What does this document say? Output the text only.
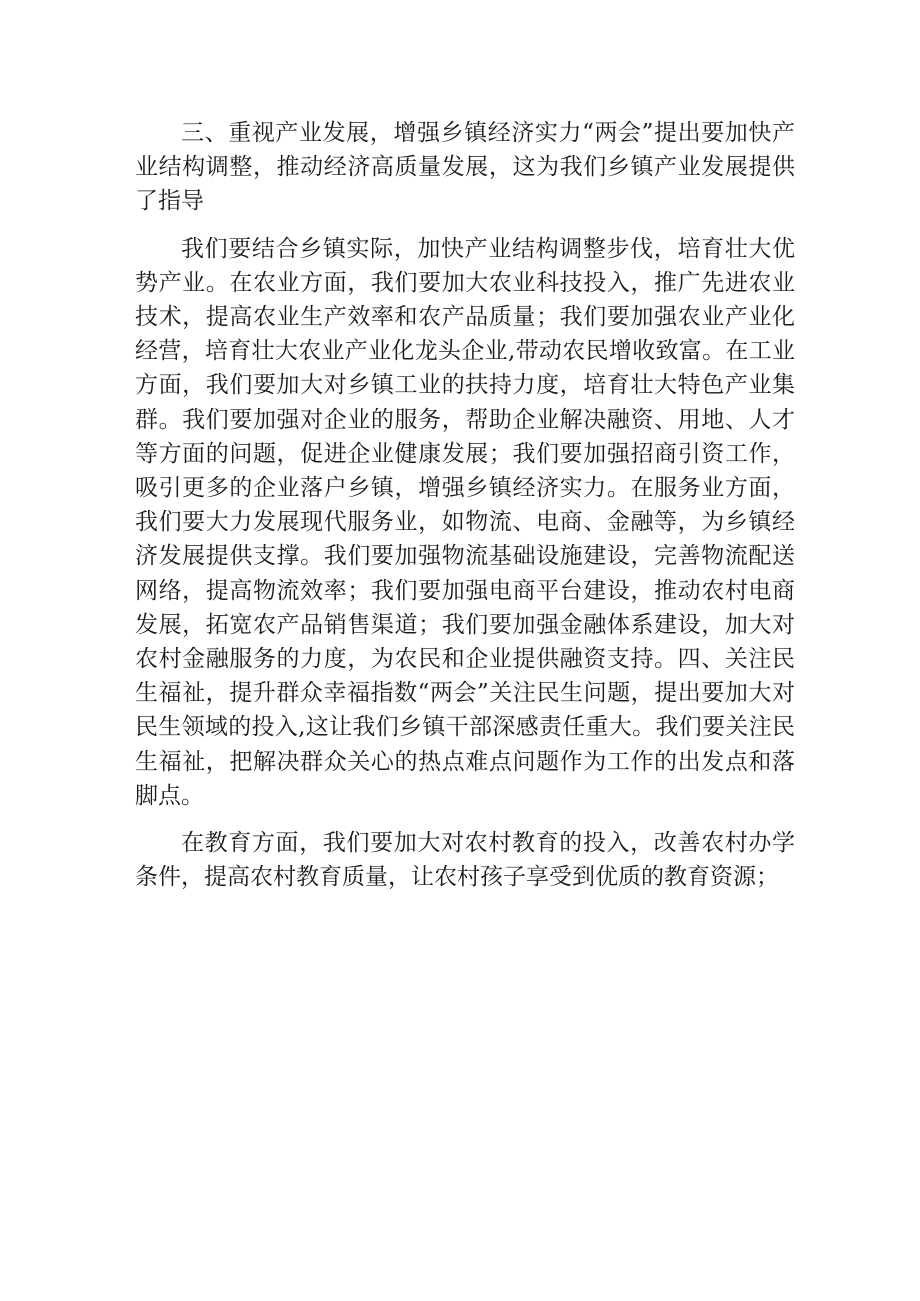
三、重视产业发展，增强乡镇经济实力“两会”提出要加快产业结构调整，推动经济高质量发展，这为我们乡镇产业发展提供了指导

我们要结合乡镇实际，加快产业结构调整步伐，培育壮大优势产业。在农业方面，我们要加大农业科技投入，推广先进农业技术，提高农业生产效率和农产品质量；我们要加强农业产业化经营，培育壮大农业产业化龙头企业,带动农民增收致富。在工业方面，我们要加大对乡镇工业的扶持力度，培育壮大特色产业集群。我们要加强对企业的服务，帮助企业解决融资、用地、人才等方面的问题，促进企业健康发展；我们要加强招商引资工作，吸引更多的企业落户乡镇，增强乡镇经济实力。在服务业方面，我们要大力发展现代服务业，如物流、电商、金融等，为乡镇经济发展提供支撑。我们要加强物流基础设施建设，完善物流配送网络，提高物流效率；我们要加强电商平台建设，推动农村电商发展，拓宽农产品销售渠道；我们要加强金融体系建设，加大对农村金融服务的力度，为农民和企业提供融资支持。四、关注民生福祉，提升群众幸福指数“两会”关注民生问题，提出要加大对民生领域的投入,这让我们乡镇干部深感责任重大。我们要关注民生福祉，把解决群众关心的热点难点问题作为工作的出发点和落脚点。

在教育方面，我们要加大对农村教育的投入，改善农村办学条件，提高农村教育质量，让农村孩子享受到优质的教育资源；
